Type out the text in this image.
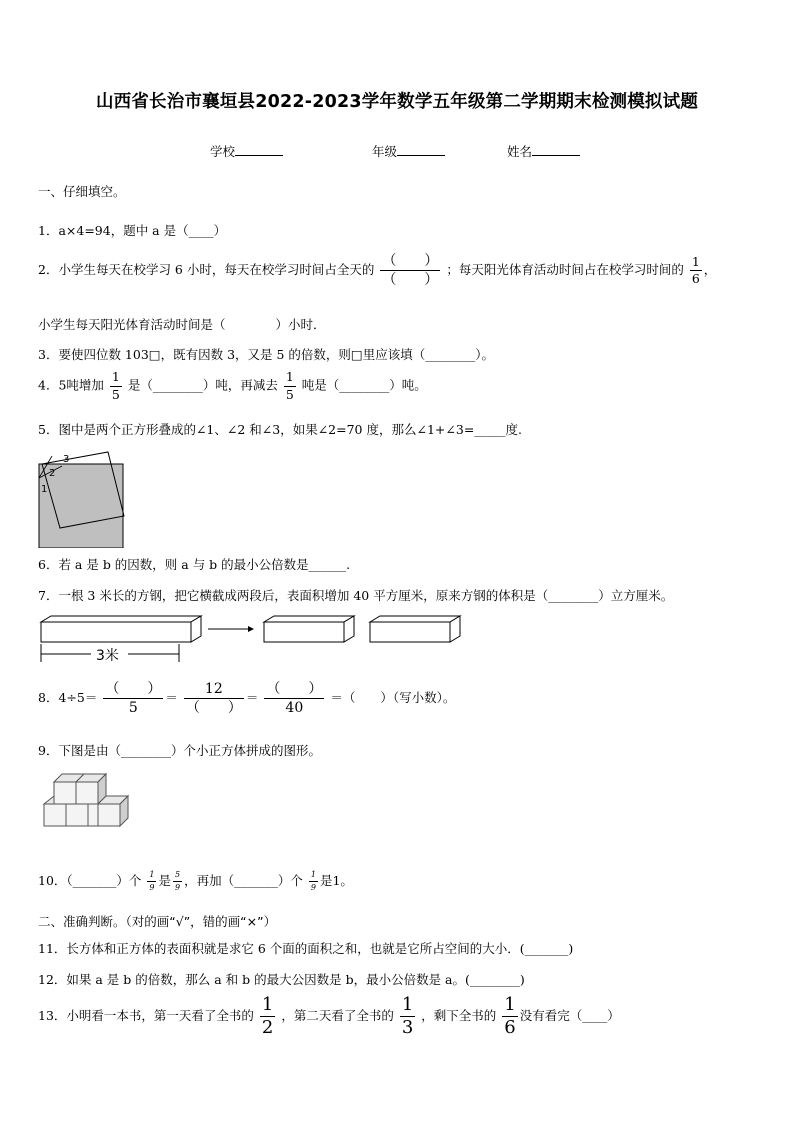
山西省长治市襄垣县2022-2023学年数学五年级第二学期期末检测模拟试题
学校	年级	姓名
一、仔细填空。
1．a×4=94，题中 a 是（____）
2．小学生每天在校学习 6 小时，每天在校学习时间占全天的 $\frac{( )}{( )}$ ；每天阳光体育活动时间占在校学习时间的 $\frac{1}{6}$ ，
小学生每天阳光体育活动时间是（　　　　）小时．
3．要使四位数 103□，既有因数 3，又是 5 的倍数，则□里应该填（________）。
4．5吨增加 $\frac{1}{5}$ 是（________）吨，再减去 $\frac{1}{5}$ 吨是（________）吨。
5．图中是两个正方形叠成的∠1、∠2 和∠3，如果∠2=70 度，那么∠1+∠3=_____度.
3
2
1
6．若 a 是 b 的因数，则 a 与 b 的最小公倍数是______.
7．一根 3 米长的方钢，把它横截成两段后，表面积增加 40 平方厘米，原来方钢的体积是（________）立方厘米。
3米
8．$4\div 5= \frac{( )}{5} = \frac{12}{( )} = \frac{( )}{40}$ ＝（　　）（写小数）。
9．下图是由（________）个小正方体拼成的图形。
10．（_______）个 $\frac{1}{9}$ 是 $\frac{5}{9}$ ，再加（_______）个 $\frac{1}{9}$ 是1。
二、准确判断。（对的画“√”，错的画“×”）
11．长方体和正方体的表面积就是求它 6 个面的面积之和，也就是它所占空间的大小．(_______)
12．如果 a 是 b 的倍数，那么 a 和 b 的最大公因数是 b，最小公倍数是 a。(________)
13．小明看一本书，第一天看了全书的 $\frac{1}{2}$ ，第二天看了全书的 $\frac{1}{3}$ ，剩下全书的 $\frac{1}{6}$ 没有看完（____）
